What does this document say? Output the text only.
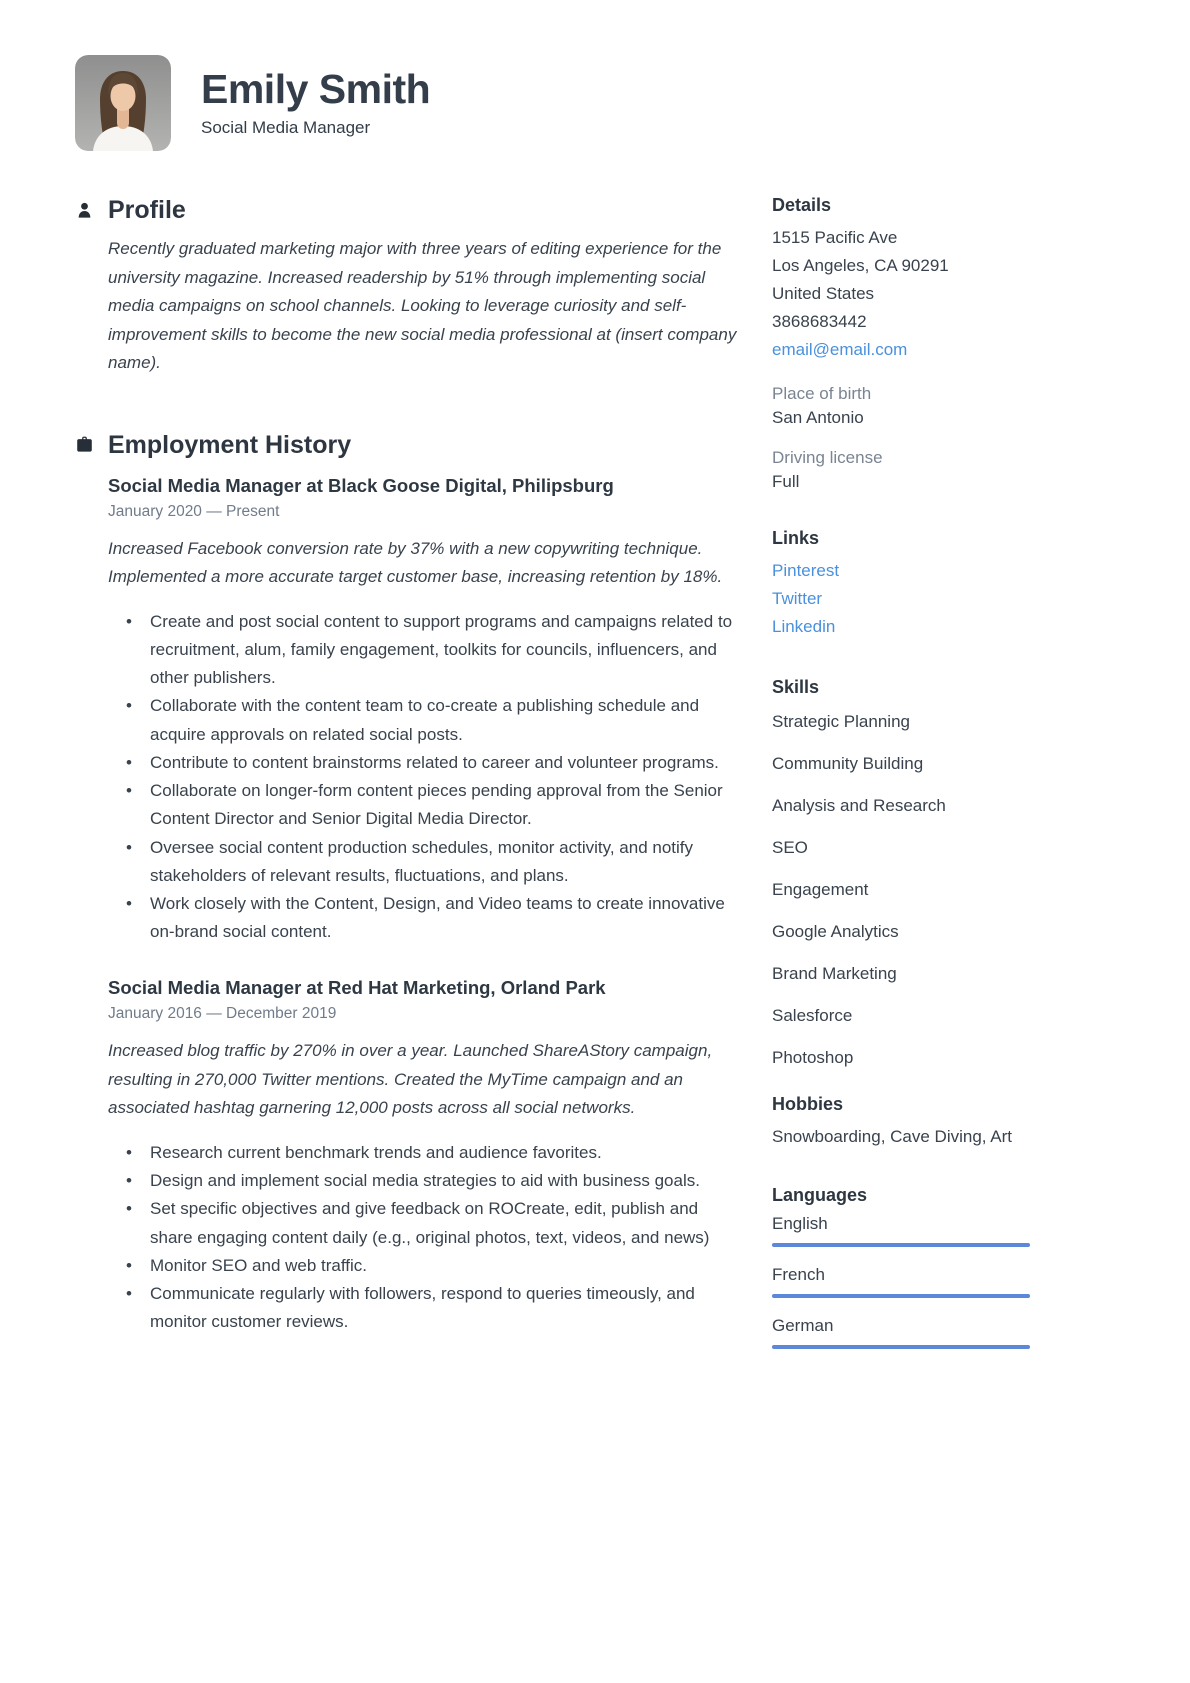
Emily Smith
Social Media Manager
Profile

Recently graduated marketing major with three years of editing experience for the university magazine. Increased readership by 51% through implementing social media campaigns on school channels. Looking to leverage curiosity and self-improvement skills to become the new social media professional at (insert company name).

Employment History
Social Media Manager at Black Goose Digital, Philipsburg
January 2020 — Present

Increased Facebook conversion rate by 37% with a new copywriting technique. Implemented a more accurate target customer base, increasing retention by 18%.

• Create and post social content to support programs and campaigns related to recruitment, alum, family engagement, toolkits for councils, influencers, and other publishers.
• Collaborate with the content team to co-create a publishing schedule and acquire approvals on related social posts.
• Contribute to content brainstorms related to career and volunteer programs.
• Collaborate on longer-form content pieces pending approval from the Senior Content Director and Senior Digital Media Director.
• Oversee social content production schedules, monitor activity, and notify stakeholders of relevant results, fluctuations, and plans.
• Work closely with the Content, Design, and Video teams to create innovative on-brand social content.
Social Media Manager at Red Hat Marketing, Orland Park
January 2016 — December 2019

Increased blog traffic by 270% in over a year. Launched ShareAStory campaign, resulting in 270,000 Twitter mentions. Created the MyTime campaign and an associated hashtag garnering 12,000 posts across all social networks.

• Research current benchmark trends and audience favorites.
• Design and implement social media strategies to aid with business goals.
• Set specific objectives and give feedback on ROCreate, edit, publish and share engaging content daily (e.g., original photos, text, videos, and news)
• Monitor SEO and web traffic.
• Communicate regularly with followers, respond to queries timeously, and monitor customer reviews.
Details
1515 Pacific Ave
Los Angeles, CA 90291
United States
3868683442
email@email.com
Place of birth
San Antonio
Driving license
Full
Links
Pinterest
Twitter
Linkedin
Skills
Strategic Planning
Community Building
Analysis and Research
SEO
Engagement
Google Analytics
Brand Marketing
Salesforce
Photoshop
Hobbies
Snowboarding, Cave Diving, Art
Languages
English
French
German
